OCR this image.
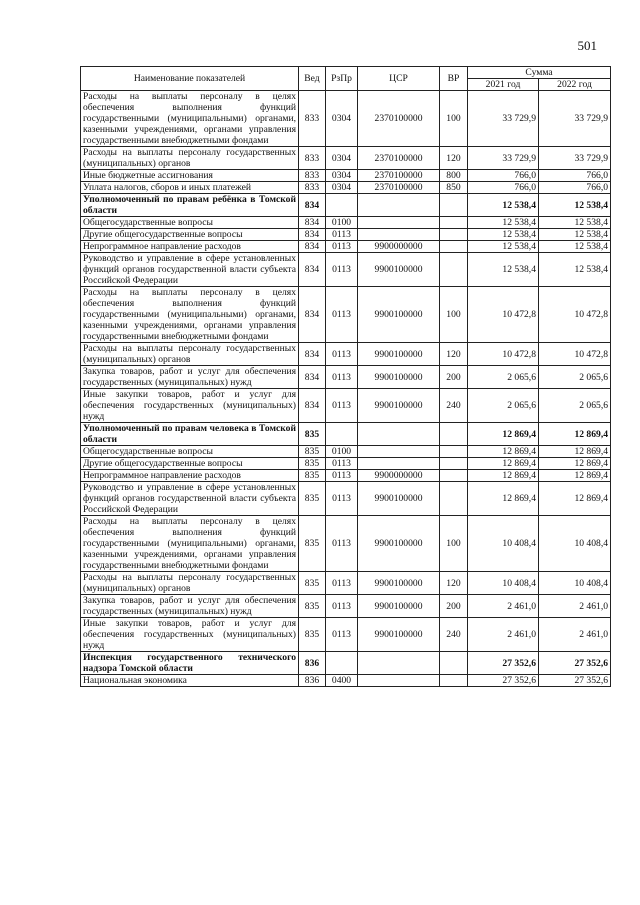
501
Наименование показателей	Вед	РзПр	ЦСР	ВР	Сумма	
					2021 год	2022 год
Расходы на выплаты персоналу в целях обеспечения выполнения функций государственными (муниципальными) органами, казенными учреждениями, органами управления государственными внебюджетными фондами	833	0304	2370100000	100	33 729,9	33 729,9
Расходы на выплаты персоналу государственных (муниципальных) органов	833	0304	2370100000	120	33 729,9	33 729,9
Иные бюджетные ассигнования	833	0304	2370100000	800	766,0	766,0
Уплата налогов, сборов и иных платежей	833	0304	2370100000	850	766,0	766,0
Уполномоченный по правам ребёнка в Томской области	834				12 538,4	12 538,4
Общегосударственные вопросы	834	0100			12 538,4	12 538,4
Другие общегосударственные вопросы	834	0113			12 538,4	12 538,4
Непрограммное направление расходов	834	0113	9900000000		12 538,4	12 538,4
Руководство и управление в сфере установленных функций органов государственной власти субъекта Российской Федерации	834	0113	9900100000		12 538,4	12 538,4
Расходы на выплаты персоналу в целях обеспечения выполнения функций государственными (муниципальными) органами, казенными учреждениями, органами управления государственными внебюджетными фондами	834	0113	9900100000	100	10 472,8	10 472,8
Расходы на выплаты персоналу государственных (муниципальных) органов	834	0113	9900100000	120	10 472,8	10 472,8
Закупка товаров, работ и услуг для обеспечения государственных (муниципальных) нужд	834	0113	9900100000	200	2 065,6	2 065,6
Иные закупки товаров, работ и услуг для обеспечения государственных (муниципальных) нужд	834	0113	9900100000	240	2 065,6	2 065,6
Уполномоченный по правам человека в Томской области	835				12 869,4	12 869,4
Общегосударственные вопросы	835	0100			12 869,4	12 869,4
Другие общегосударственные вопросы	835	0113			12 869,4	12 869,4
Непрограммное направление расходов	835	0113	9900000000		12 869,4	12 869,4
Руководство и управление в сфере установленных функций органов государственной власти субъекта Российской Федерации	835	0113	9900100000		12 869,4	12 869,4
Расходы на выплаты персоналу в целях обеспечения выполнения функций государственными (муниципальными) органами, казенными учреждениями, органами управления государственными внебюджетными фондами	835	0113	9900100000	100	10 408,4	10 408,4
Расходы на выплаты персоналу государственных (муниципальных) органов	835	0113	9900100000	120	10 408,4	10 408,4
Закупка товаров, работ и услуг для обеспечения государственных (муниципальных) нужд	835	0113	9900100000	200	2 461,0	2 461,0
Иные закупки товаров, работ и услуг для обеспечения государственных (муниципальных) нужд	835	0113	9900100000	240	2 461,0	2 461,0
Инспекция государственного технического надзора Томской области	836				27 352,6	27 352,6
Национальная экономика	836	0400			27 352,6	27 352,6
